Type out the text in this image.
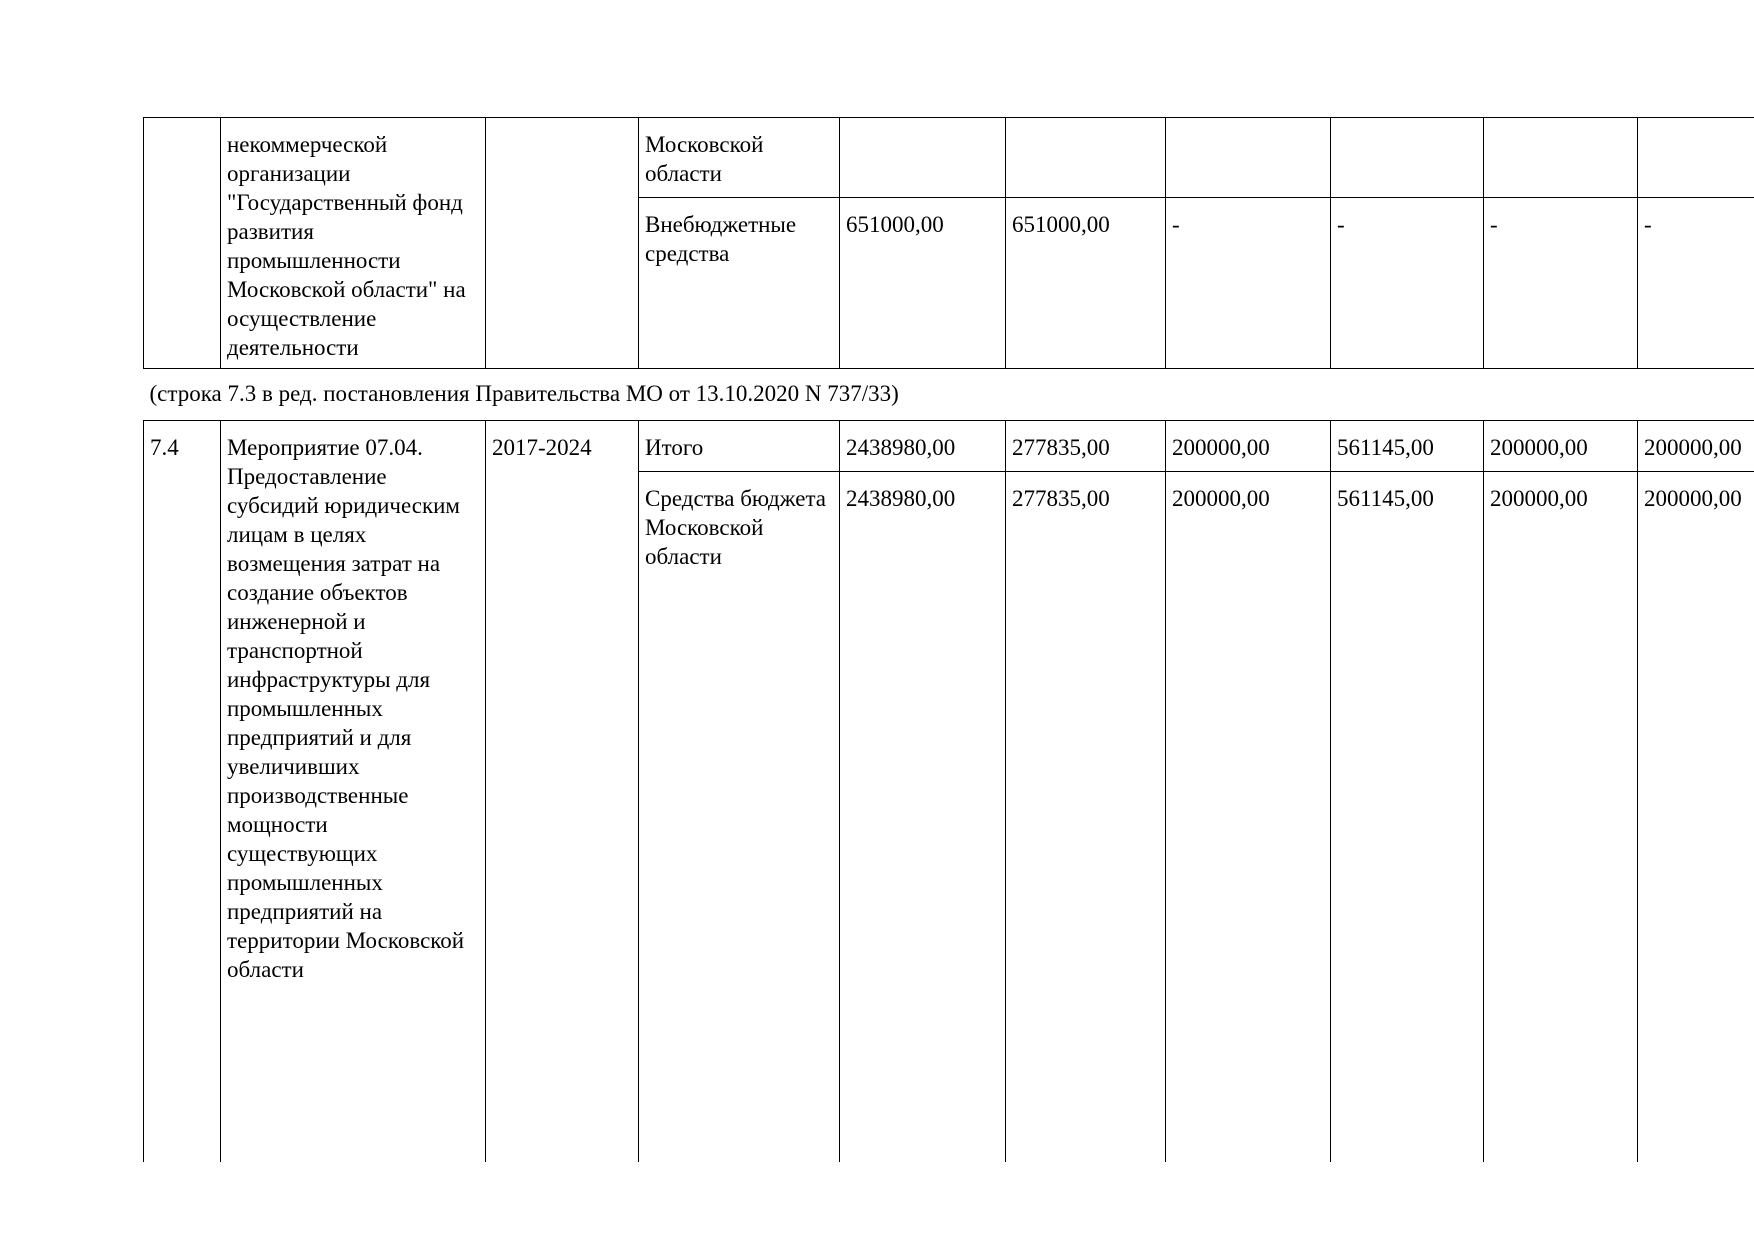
	некоммерческой организации "Государственный фонд развития промышленности Московской области" на осуществление деятельности		Московской области						

			Внебюджетные средства	651000,00	651000,00	-	-	-	-
(строка 7.3 в ред. постановления Правительства МО от 13.10.2020 N 737/33)									
7.4	Мероприятие 07.04. Предоставление субсидий юридическим лицам в целях возмещения затрат на создание объектов инженерной и транспортной инфраструктуры для промышленных предприятий и для увеличивших производственные мощности существующих промышленных предприятий на территории Московской области	2017-2024	Итого	2438980,00	277835,00	200000,00	561145,00	200000,00	200000,00

			Средства бюджета Московской области	2438980,00	277835,00	200000,00	561145,00	200000,00	200000,00
